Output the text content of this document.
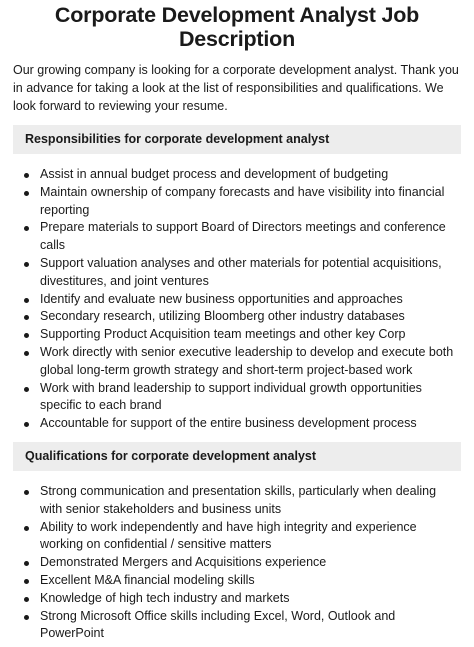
Corporate Development Analyst Job Description

Our growing company is looking for a corporate development analyst. Thank you in advance for taking a look at the list of responsibilities and qualifications. We look forward to reviewing your resume.

Responsibilities for corporate development analyst
Assist in annual budget process and development of budgeting
Maintain ownership of company forecasts and have visibility into financial reporting
Prepare materials to support Board of Directors meetings and conference calls
Support valuation analyses and other materials for potential acquisitions, divestitures, and joint ventures
Identify and evaluate new business opportunities and approaches
Secondary research, utilizing Bloomberg other industry databases
Supporting Product Acquisition team meetings and other key Corp
Work directly with senior executive leadership to develop and execute both global long-term growth strategy and short-term project-based work
Work with brand leadership to support individual growth opportunities specific to each brand
Accountable for support of the entire business development process
Qualifications for corporate development analyst
Strong communication and presentation skills, particularly when dealing with senior stakeholders and business units
Ability to work independently and have high integrity and experience working on confidential / sensitive matters
Demonstrated Mergers and Acquisitions experience
Excellent M&A financial modeling skills
Knowledge of high tech industry and markets
Strong Microsoft Office skills including Excel, Word, Outlook and PowerPoint
